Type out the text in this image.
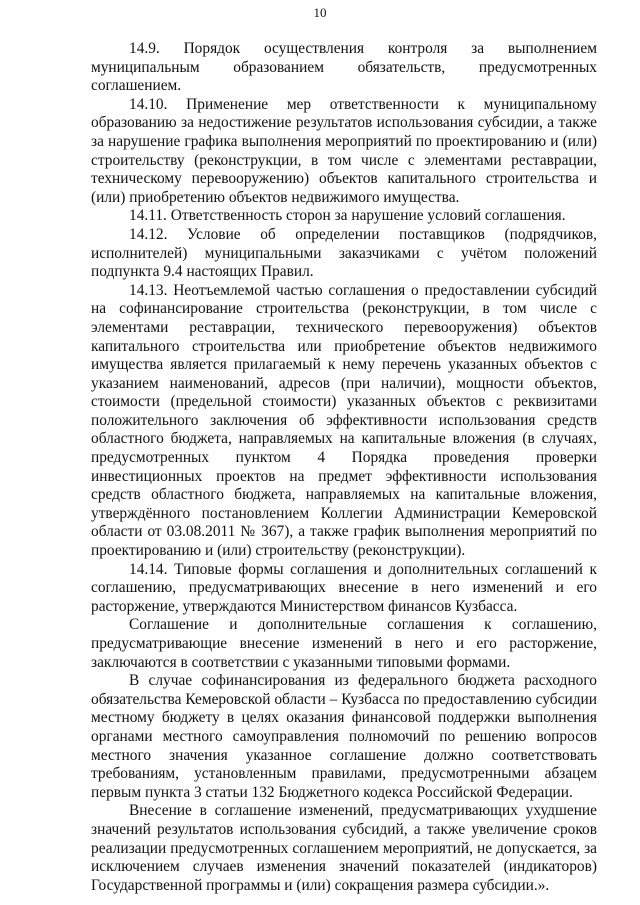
10

14.9. Порядок осуществления контроля за выполнением муниципальным образованием обязательств, предусмотренных соглашением.

14.10. Применение мер ответственности к муниципальному образованию за недостижение результатов использования субсидии, а также за нарушение графика выполнения мероприятий по проектированию и (или) строительству (реконструкции, в том числе с элементами реставрации, техническому перевооружению) объектов капитального строительства и (или) приобретению объектов недвижимого имущества.

14.11. Ответственность сторон за нарушение условий соглашения.

14.12. Условие об определении поставщиков (подрядчиков, исполнителей) муниципальными заказчиками с учётом положений подпункта 9.4 настоящих Правил.

14.13. Неотъемлемой частью соглашения о предоставлении субсидий на софинансирование строительства (реконструкции, в том числе с элементами реставрации, технического перевооружения) объектов капитального строительства или приобретение объектов недвижимого имущества является прилагаемый к нему перечень указанных объектов с указанием наименований, адресов (при наличии), мощности объектов, стоимости (предельной стоимости) указанных объектов с реквизитами положительного заключения об эффективности использования средств областного бюджета, направляемых на капитальные вложения (в случаях, предусмотренных пунктом 4 Порядка проведения проверки инвестиционных проектов на предмет эффективности использования средств областного бюджета, направляемых на капитальные вложения, утверждённого постановлением Коллегии Администрации Кемеровской области от 03.08.2011 № 367), а также график выполнения мероприятий по проектированию и (или) строительству (реконструкции).

14.14. Типовые формы соглашения и дополнительных соглашений к соглашению, предусматривающих внесение в него изменений и его расторжение, утверждаются Министерством финансов Кузбасса.

Соглашение и дополнительные соглашения к соглашению, предусматривающие внесение изменений в него и его расторжение, заключаются в соответствии с указанными типовыми формами.

В случае софинансирования из федерального бюджета расходного обязательства Кемеровской области – Кузбасса по предоставлению субсидии местному бюджету в целях оказания финансовой поддержки выполнения органами местного самоуправления полномочий по решению вопросов местного значения указанное соглашение должно соответствовать требованиям, установленным правилами, предусмотренными абзацем первым пункта 3 статьи 132 Бюджетного кодекса Российской Федерации.

Внесение в соглашение изменений, предусматривающих ухудшение значений результатов использования субсидий, а также увеличение сроков реализации предусмотренных соглашением мероприятий, не допускается, за исключением случаев изменения значений показателей (индикаторов) Государственной программы и (или) сокращения размера субсидии.».
